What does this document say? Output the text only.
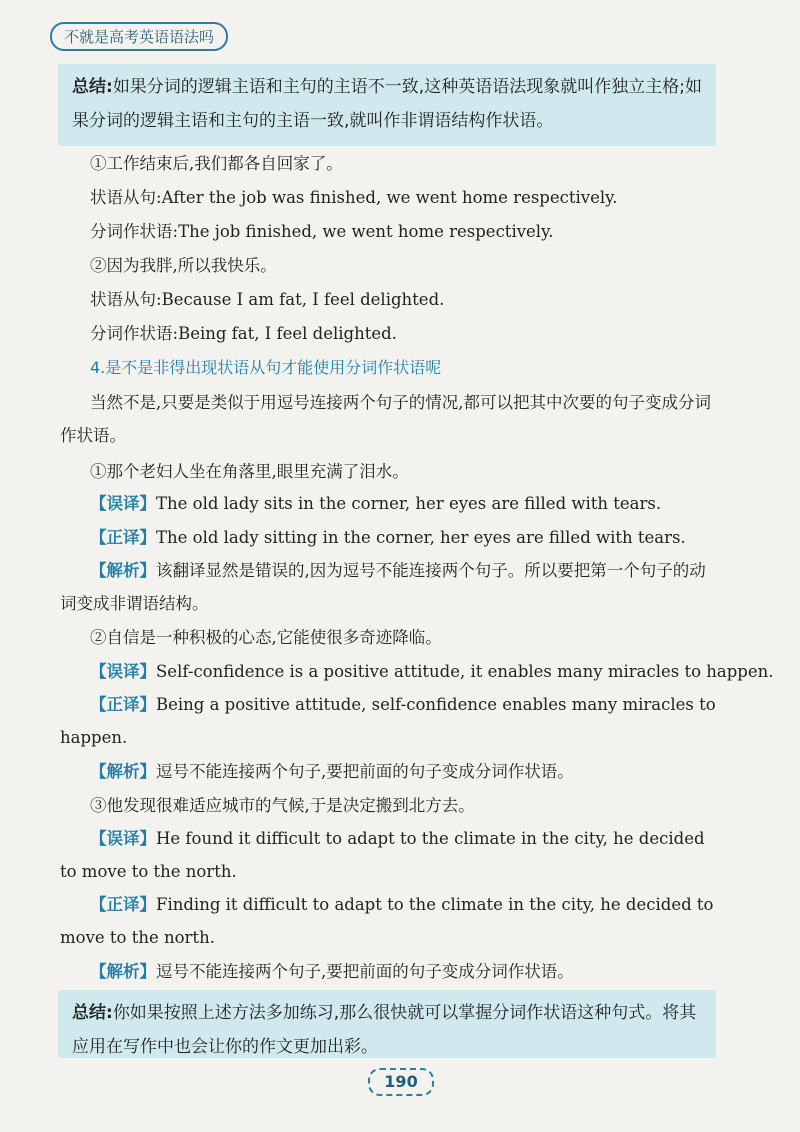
不就是高考英语语法吗
总结:如果分词的逻辑主语和主句的主语不一致,这种英语语法现象就叫作独立主格;如果分词的逻辑主语和主句的主语一致,就叫作非谓语结构作状语。
①工作结束后,我们都各自回家了。
状语从句:After the job was finished, we went home respectively.
分词作状语:The job finished, we went home respectively.
②因为我胖,所以我快乐。
状语从句:Because I am fat, I feel delighted.
分词作状语:Being fat, I feel delighted.
4.是不是非得出现状语从句才能使用分词作状语呢
当然不是,只要是类似于用逗号连接两个句子的情况,都可以把其中次要的句子变成分词作状语。
①那个老妇人坐在角落里,眼里充满了泪水。
【误译】The old lady sits in the corner, her eyes are filled with tears.
【正译】The old lady sitting in the corner, her eyes are filled with tears.
【解析】该翻译显然是错误的,因为逗号不能连接两个句子。所以要把第一个句子的动词变成非谓语结构。
②自信是一种积极的心态,它能使很多奇迹降临。
【误译】Self-confidence is a positive attitude, it enables many miracles to happen.
【正译】Being a positive attitude, self-confidence enables many miracles to happen.
【解析】逗号不能连接两个句子,要把前面的句子变成分词作状语。
③他发现很难适应城市的气候,于是决定搬到北方去。
【误译】He found it difficult to adapt to the climate in the city, he decided to move to the north.
【正译】Finding it difficult to adapt to the climate in the city, he decided to move to the north.
【解析】逗号不能连接两个句子,要把前面的句子变成分词作状语。
总结:你如果按照上述方法多加练习,那么很快就可以掌握分词作状语这种句式。将其应用在写作中也会让你的作文更加出彩。
190
